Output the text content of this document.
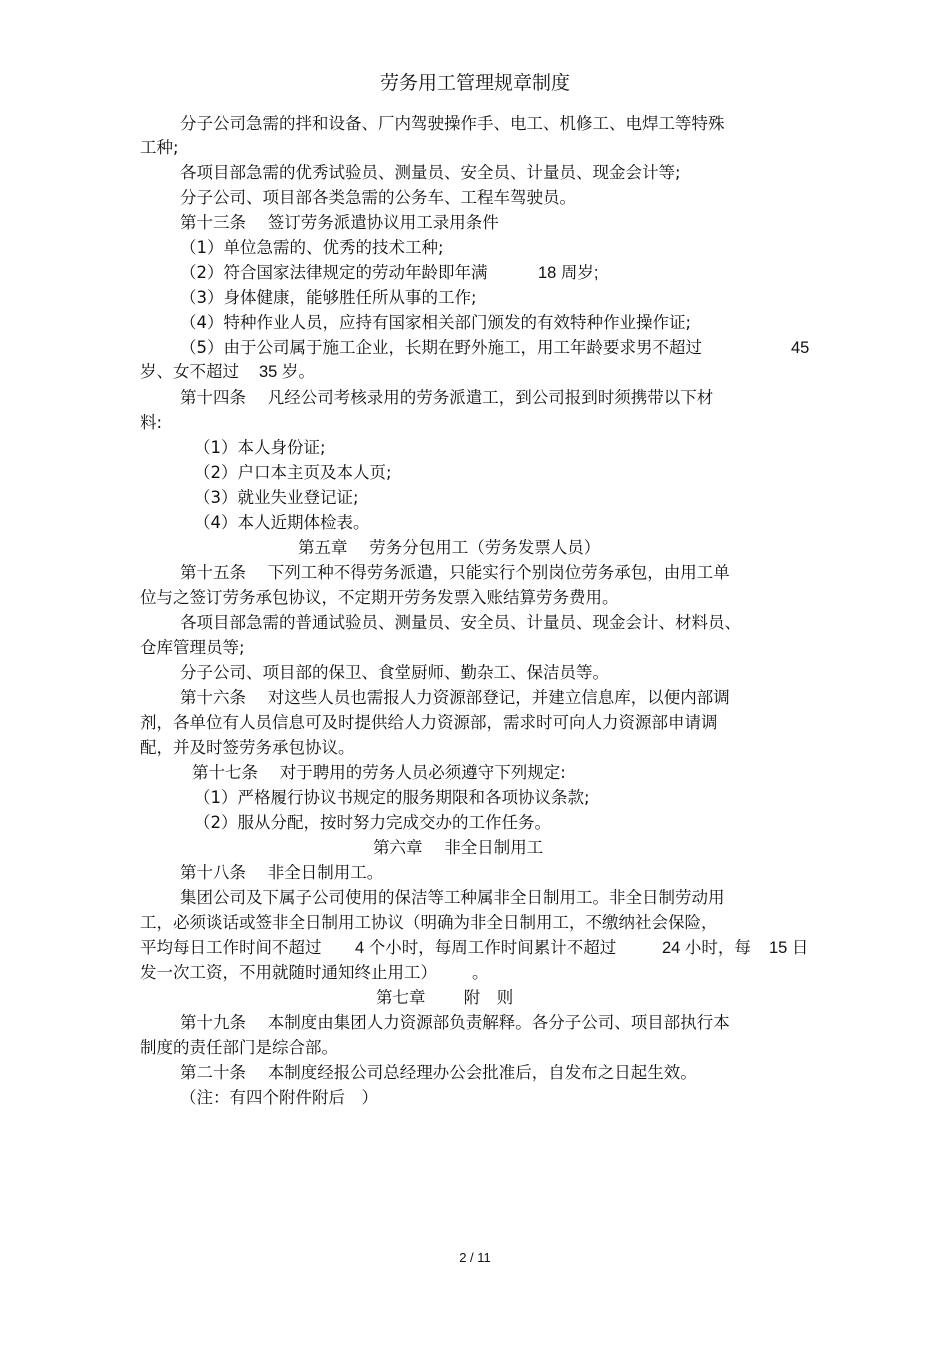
劳务用工管理规章制度
分子公司急需的拌和设备、厂内驾驶操作手、电工、机修工、电焊工等特殊
工种;
各项目部急需的优秀试验员、测量员、安全员、计量员、现金会计等;
分子公司、项目部各类急需的公务车、工程车驾驶员。
第十三条　 签订劳务派遣协议用工录用条件
（1）单位急需的、优秀的技术工种;
（2）符合国家法律规定的劳动年龄即年满	18 周岁;
（3）身体健康，能够胜任所从事的工作;
（4）特种作业人员，应持有国家相关部门颁发的有效特种作业操作证;
（5）由于公司属于施工企业，长期在野外施工，用工年龄要求男不超过	45
岁、女不超过 35 岁。
第十四条　 凡经公司考核录用的劳务派遣工，到公司报到时须携带以下材
料:
（1）本人身份证;
（2）户口本主页及本人页;
（3）就业失业登记证;
（4）本人近期体检表。
第五章　 劳务分包用工（劳务发票人员）
第十五条　 下列工种不得劳务派遣，只能实行个别岗位劳务承包，由用工单
位与之签订劳务承包协议，不定期开劳务发票入账结算劳务费用。
各项目部急需的普通试验员、测量员、安全员、计量员、现金会计、材料员、
仓库管理员等;
分子公司、项目部的保卫、食堂厨师、勤杂工、保洁员等。
第十六条　 对这些人员也需报人力资源部登记，并建立信息库，以便内部调
剂，各单位有人员信息可及时提供给人力资源部，需求时可向人力资源部申请调
配，并及时签劳务承包协议。
第十七条　 对于聘用的劳务人员必须遵守下列规定:
（1）严格履行协议书规定的服务期限和各项协议条款;
（2）服从分配，按时努力完成交办的工作任务。
第六章　 非全日制用工
第十八条　 非全日制用工。
集团公司及下属子公司使用的保洁等工种属非全日制用工。非全日制劳动用
工，必须谈话或签非全日制用工协议（明确为非全日制用工，不缴纳社会保险，
平均每日工作时间不超过 4 个小时，每周工作时间累计不超过	24 小时，每 15 日
发一次工资，不用就随时通知终止用工） 。
第七章　　 附　则
第十九条　 本制度由集团人力资源部负责解释。各分子公司、项目部执行本
制度的责任部门是综合部。
第二十条　 本制度经报公司总经理办公会批准后，自发布之日起生效。
（注：有四个附件附后　）
2 / 11
